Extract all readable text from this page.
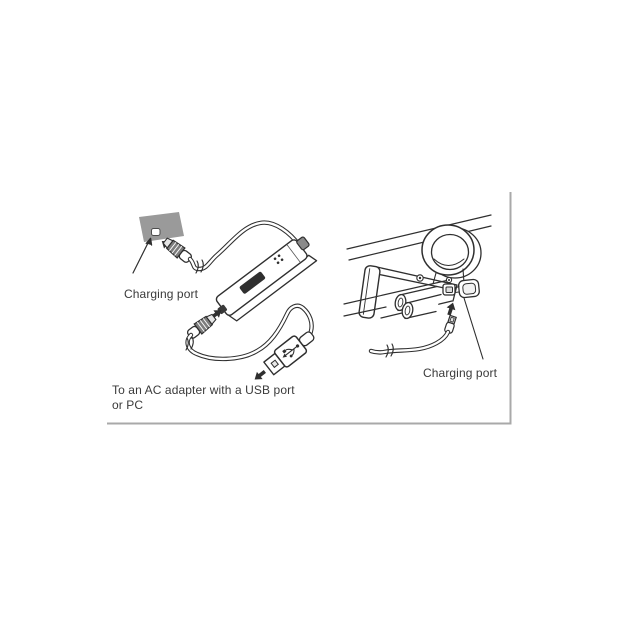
Charging port
To an AC adapter with a USB port
or PC
Charging port
